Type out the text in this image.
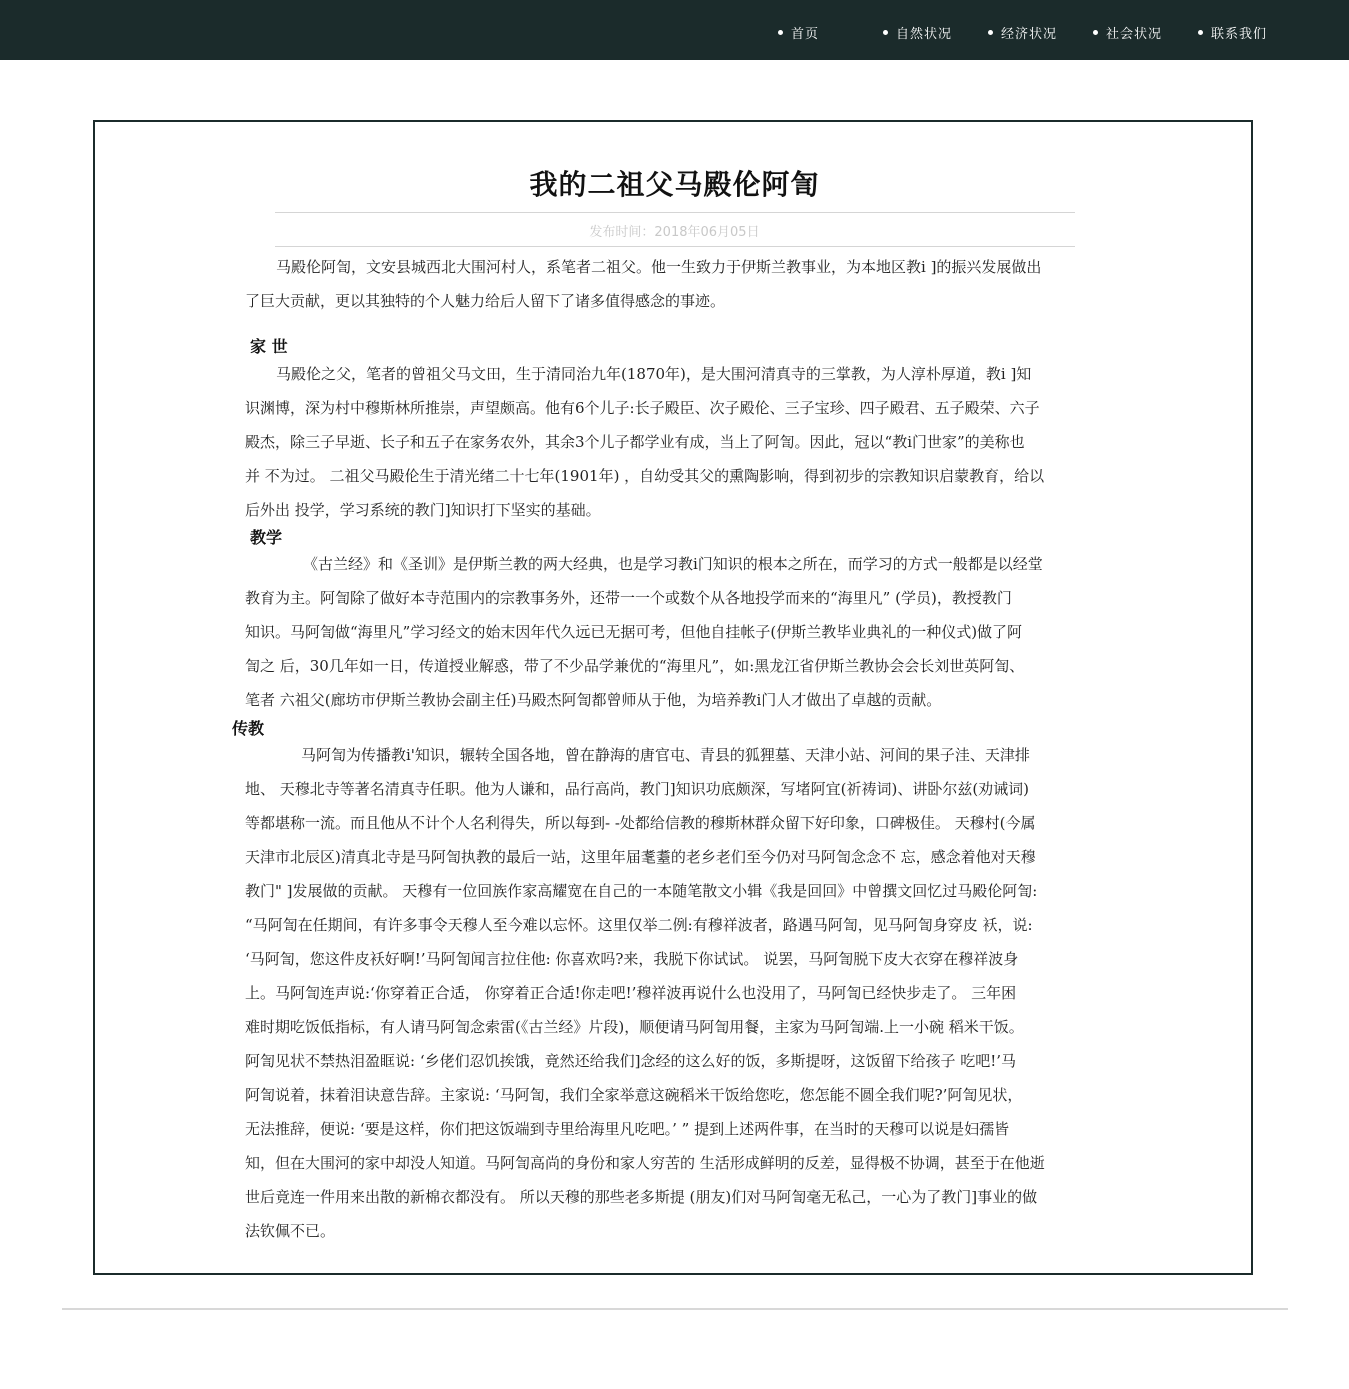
首页	自然状况	经济状况	社会状况	联系我们
我的二祖父马殿伦阿訇
发布时间：2018年06月05日
马殿伦阿訇，文安县城西北大围河村人，系笔者二祖父。他一生致力于伊斯兰教事业，为本地区教i ]的振兴发展做出
了巨大贡献，更以其独特的个人魅力给后人留下了诸多值得感念的事迹。
家 世
马殿伦之父，笔者的曾祖父马文田，生于清同治九年(1870年)，是大围河清真寺的三掌教，为人淳朴厚道，教i ]知
识渊博，深为村中穆斯林所推崇，声望颇高。他有6个儿子:长子殿臣、次子殿伦、三子宝珍、四子殿君、五子殿荣、六子
殿杰，除三子早逝、长子和五子在家务农外，其余3个儿子都学业有成，当上了阿訇。因此，冠以“教i门世家”的美称也
并 不为过。 二祖父马殿伦生于清光绪二十七年(1901年) ，自幼受其父的熏陶影响，得到初步的宗教知识启蒙教育，给以
后外出 投学，学习系统的教门]知识打下坚实的基础。
教学
《古兰经》和《圣训》是伊斯兰教的两大经典，也是学习教i门知识的根本之所在，而学习的方式一般都是以经堂
教育为主。阿訇除了做好本寺范围内的宗教事务外，还带一一个或数个从各地投学而来的“海里凡” (学员)，教授教门
知识。马阿訇做“海里凡”学习经文的始末因年代久远已无据可考，但他自挂帐子(伊斯兰教毕业典礼的一种仪式)做了阿
訇之 后，30几年如一日，传道授业解惑，带了不少品学兼优的“海里凡”，如:黑龙江省伊斯兰教协会会长刘世英阿訇、
笔者 六祖父(廊坊市伊斯兰教协会副主任)马殿杰阿訇都曾师从于他，为培养教i门人才做出了卓越的贡献。
传教
马阿訇为传播教i'知识，辗转全国各地，曾在静海的唐官屯、青县的狐狸墓、天津小站、河间的果子洼、天津排
地、 天穆北寺等著名清真寺任职。他为人谦和，品行高尚，教门]知识功底颇深，写堵阿宜(祈祷词)、讲卧尔兹(劝诫词)
等都堪称一流。而且他从不计个人名利得失，所以每到- -处都给信教的穆斯林群众留下好印象，口碑极佳。 天穆村(今属
天津市北辰区)清真北寺是马阿訇执教的最后一站，这里年届耄耋的老乡老们至今仍对马阿訇念念不 忘，感念着他对天穆
教门" ]发展做的贡献。 天穆有一位回族作家高耀宽在自己的一本随笔散文小辑《我是回回》中曾撰文回忆过马殿伦阿訇:
“马阿訇在任期间，有许多事令天穆人至今难以忘怀。这里仅举二例:有穆祥波者，路遇马阿訇，见马阿訇身穿皮 袄，说:
‘马阿訇，您这件皮袄好啊!’马阿訇闻言拉住他: 你喜欢吗?来，我脱下你试试。 说罢，马阿訇脱下皮大衣穿在穆祥波身
上。马阿訇连声说:‘你穿着正合适， 你穿着正合适!你走吧!’穆祥波再说什么也没用了，马阿訇已经快步走了。 三年困
难时期吃饭低指标，有人请马阿訇念索雷(《古兰经》片段)，顺便请马阿訇用餐，主家为马阿訇端.上一小碗 稻米干饭。
阿訇见状不禁热泪盈眶说: ‘乡佬们忍饥挨饿，竟然还给我们]念经的这么好的饭，多斯提呀，这饭留下给孩子 吃吧!’马
阿訇说着，抹着泪诀意告辞。主家说: ‘马阿訇，我们全家举意这碗稻米干饭给您吃，您怎能不圆全我们呢?’阿訇见状，
无法推辞，便说: ‘要是这样，你们把这饭端到寺里给海里凡吃吧。’ ” 提到上述两件事，在当时的天穆可以说是妇孺皆
知，但在大围河的家中却没人知道。马阿訇高尚的身份和家人穷苦的 生活形成鲜明的反差，显得极不协调，甚至于在他逝
世后竟连一件用来出散的新棉衣都没有。 所以天穆的那些老多斯提 (朋友)们对马阿訇毫无私己，一心为了教门]事业的做
法钦佩不已。
